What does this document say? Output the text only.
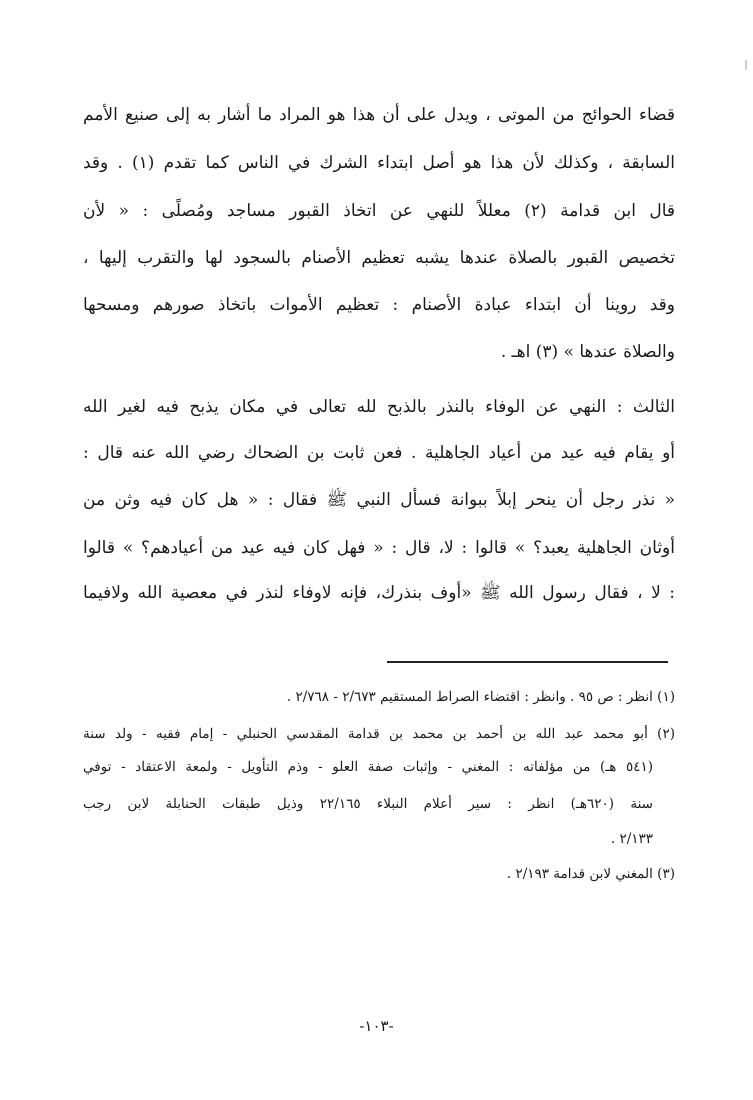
قضاء الحوائج من الموتى ، ويدل على أن هذا هو المراد ما أشار به إلى صنيع الأمم
السابقة ، وكذلك لأن هذا هو أصل ابتداء الشرك في الناس كما تقدم (١) . وقد
قال ابن قدامة (٢) معللاً للنهي عن اتخاذ القبور مساجد ومُصلًى : « لأن
تخصيص القبور بالصلاة عندها يشبه تعظيم الأصنام بالسجود لها والتقرب إليها ،
وقد روينا أن ابتداء عبادة الأصنام : تعظيم الأموات باتخاذ صورهم ومسحها
والصلاة عندها » (٣) اهـ .
الثالث : النهي عن الوفاء بالنذر بالذبح لله تعالى في مكان يذبح فيه لغير الله
أو يقام فيه عيد من أعياد الجاهلية . فعن ثابت بن الضحاك رضي الله عنه قال :
« نذر رجل أن ينحر إبلاً ببوانة فسأل النبي ﷺ فقال : « هل كان فيه وثن من
أوثان الجاهلية يعبد؟ » قالوا : لا، قال : « فهل كان فيه عيد من أعيادهم؟ » قالوا
: لا ، فقال رسول الله ﷺ «أوف بنذرك، فإنه لاوفاء لنذر في معصية الله ولافيما
(١) انظر : ص ٩٥ . وانظر : اقتضاء الصراط المستقيم ٢/٦٧٣ - ٢/٧٦٨ .
(٢) أبو محمد عبد الله بن أحمد بن محمد بن قدامة المقدسي الحنبلي - إمام فقيه - ولد سنة
(٥٤١ هـ) من مؤلفاته : المغني - وإثبات صفة العلو - وذم التأويل - ولمعة الاعتقاد - توفي
سنة (٦٢٠هـ) انظر : سير أعلام النبلاء ٢٢/١٦٥ وذيل طبقات الحنابلة لابن رجب
٢/١٣٣ .
(٣) المغني لابن قدامة ٢/١٩٣ .
-١٠٣-
